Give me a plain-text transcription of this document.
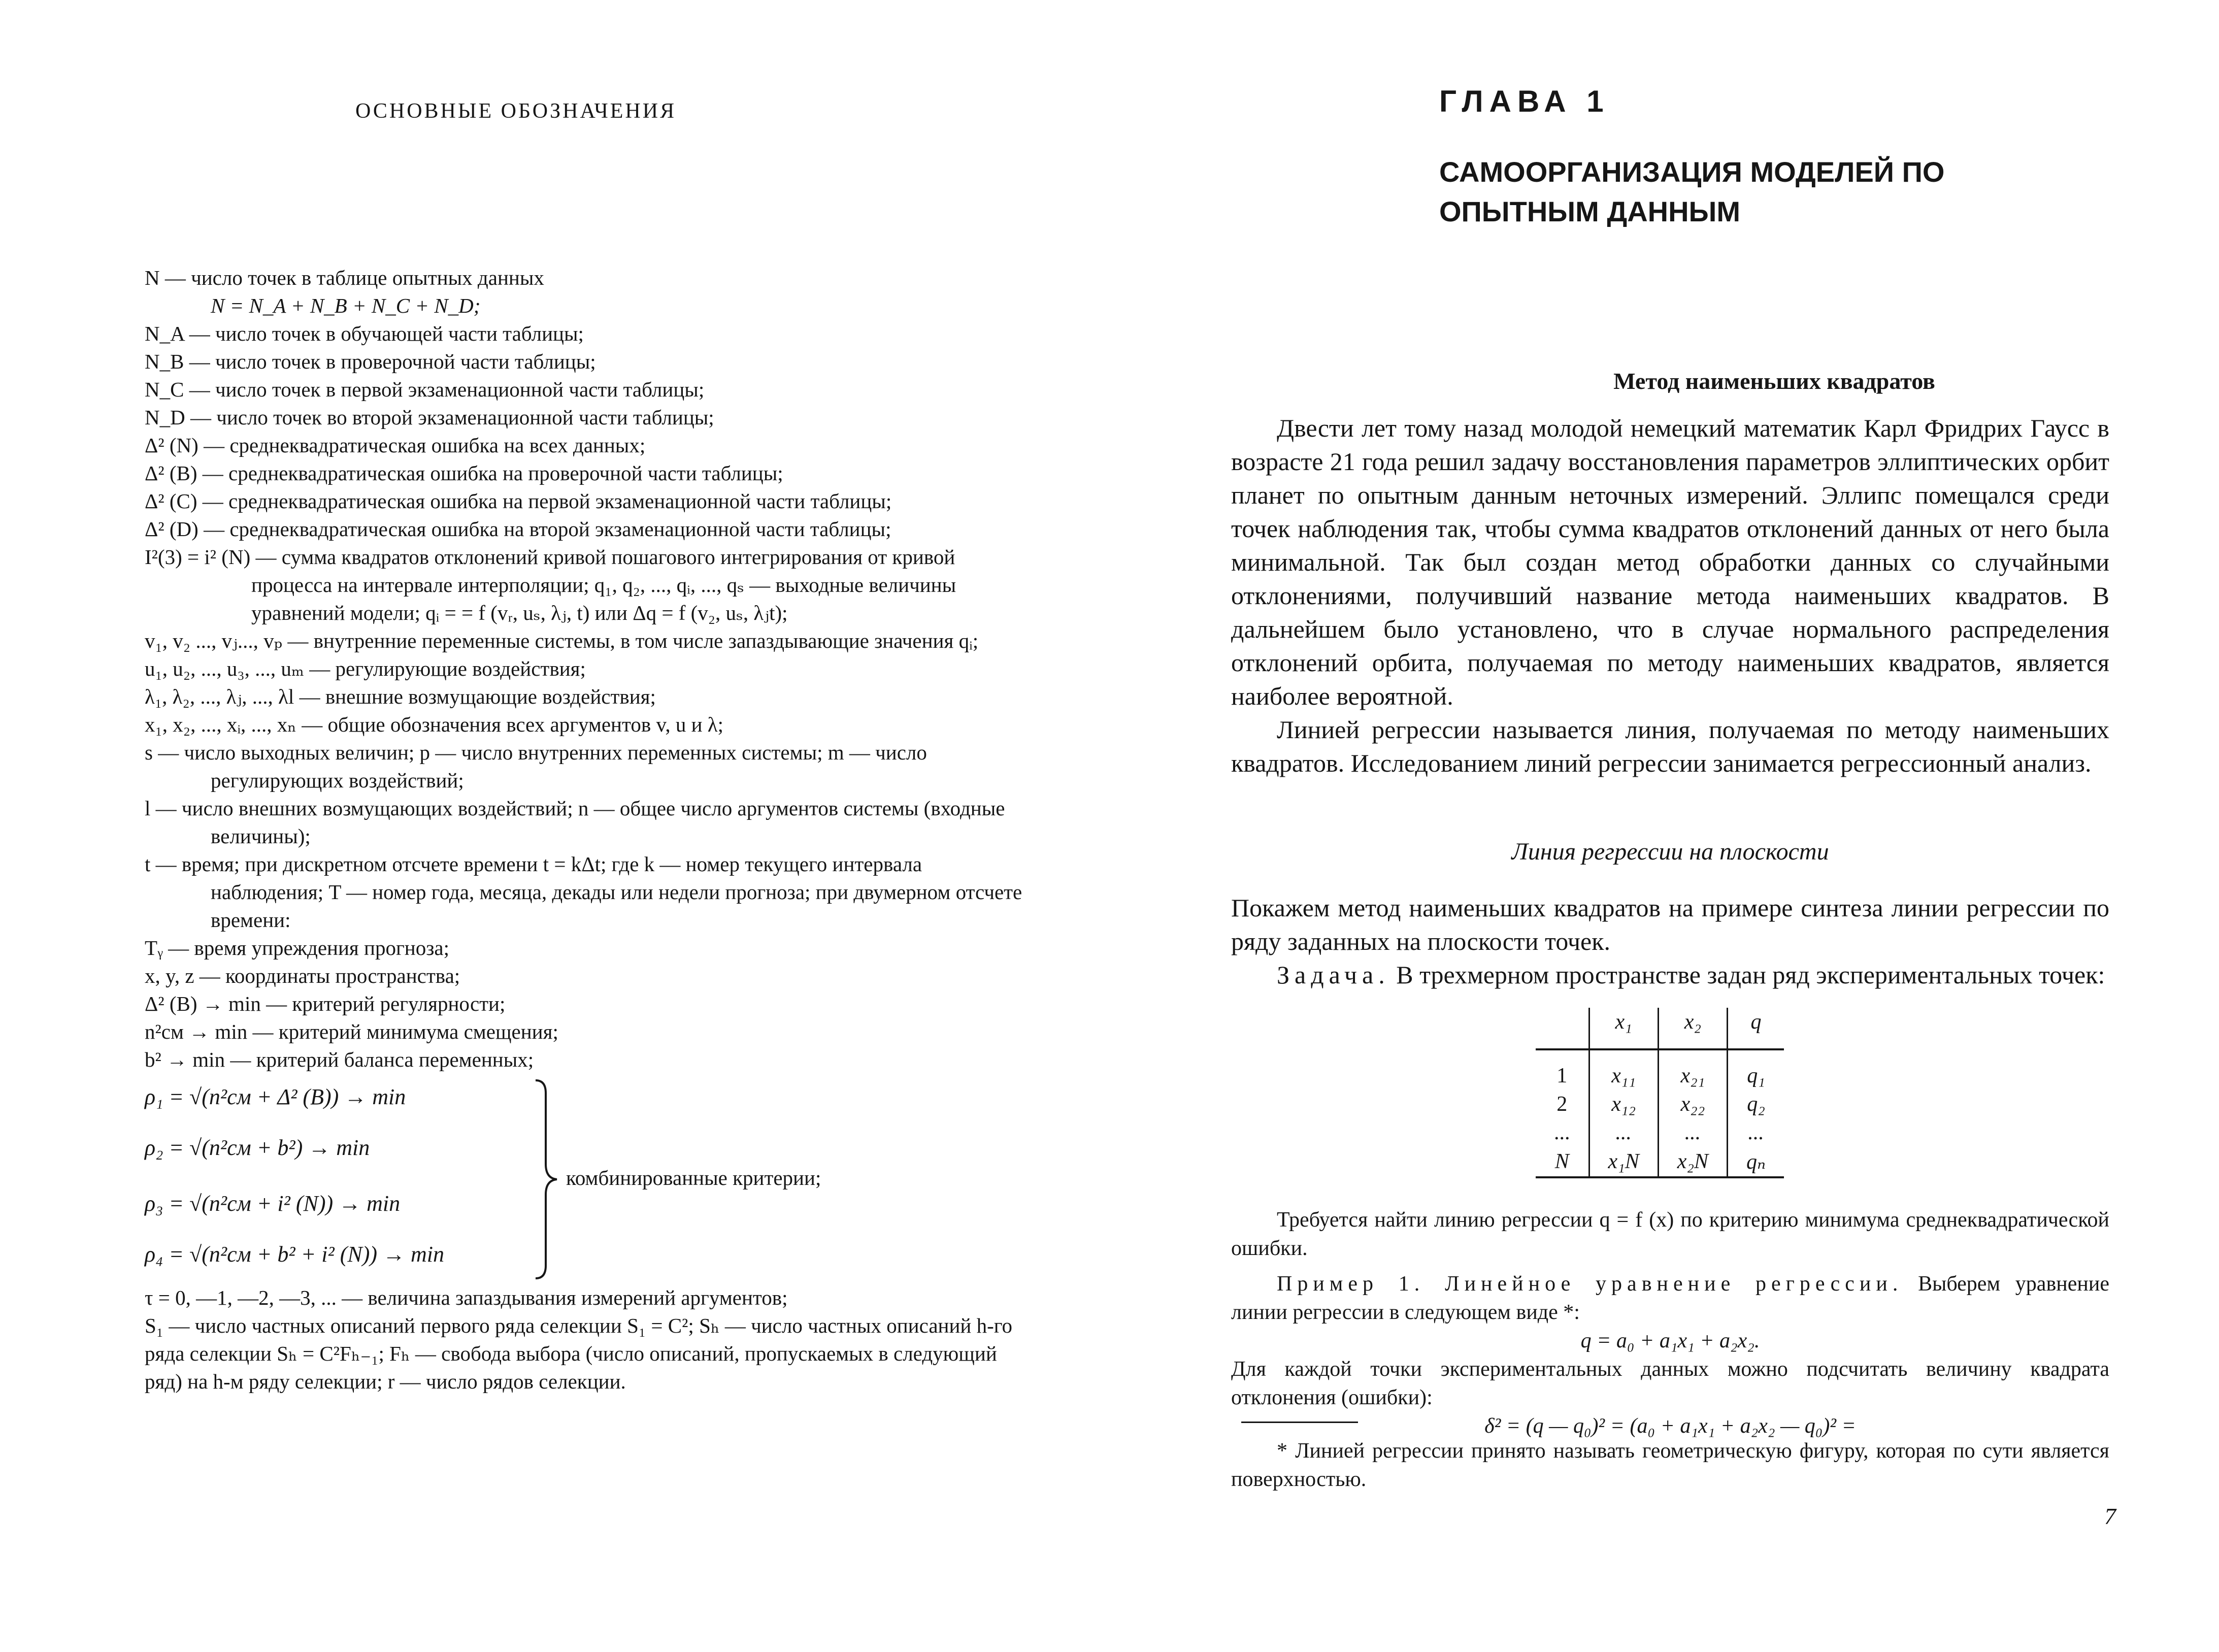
ОСНОВНЫЕ ОБОЗНАЧЕНИЯ

N — число точек в таблице опытных данных

N = N_A + N_B + N_C + N_D;

N_A — число точек в обучающей части таблицы;

N_B — число точек в проверочной части таблицы;

N_C — число точек в первой экзаменационной части таблицы;

N_D — число точек во второй экзаменационной части таблицы;

Δ² (N) — среднеквадратическая ошибка на всех данных;

Δ² (B) — среднеквадратическая ошибка на проверочной части таблицы;

Δ² (C) — среднеквадратическая ошибка на первой экзаменационной части таблицы;

Δ² (D) — среднеквадратическая ошибка на второй экзаменационной части таблицы;

I²(3) = i² (N) — сумма квадратов отклонений кривой пошагового интегрирования от кривой процесса на интервале интерполяции; q₁, q₂, ..., qᵢ, ..., qₛ — выходные величины уравнений модели; qᵢ = = f (vᵣ, uₛ, λⱼ, t) или Δq = f (v₂, uₛ, λⱼt);

v₁, v₂ ..., vⱼ..., vₚ — внутренние переменные системы, в том числе запаздывающие значения qᵢ;

u₁, u₂, ..., u₃, ..., uₘ — регулирующие воздействия;

λ₁, λ₂, ..., λⱼ, ..., λl — внешние возмущающие воздействия;

x₁, x₂, ..., xᵢ, ..., xₙ — общие обозначения всех аргументов v, u и λ;

s — число выходных величин; p — число внутренних переменных системы; m — число регулирующих воздействий;

l — число внешних возмущающих воздействий; n — общее число аргументов системы (входные величины);

t — время; при дискретном отсчете времени t = kΔt; где k — номер текущего интервала наблюдения; T — номер года, месяца, декады или недели прогноза; при двумерном отсчете времени:

Tᵧ — время упреждения прогноза;

x, y, z — координаты пространства;

Δ² (B) → min — критерий регулярности;

n²см → min — критерий минимума смещения;

b² → min — критерий баланса переменных;

ρ₁ = √(n²см + Δ² (B)) → min
ρ₂ = √(n²см + b²) → min
ρ₃ = √(n²см + i² (N)) → min
ρ₄ = √(n²см + b² + i² (N)) → min
комбинированные критерии;

τ = 0, —1, —2, —3, ... — величина запаздывания измерений аргументов;

S₁ — число частных описаний первого ряда селекции S₁ = C²; Sₕ — число частных описаний h-го ряда селекции Sₕ = C²Fₕ₋₁; Fₕ — свобода выбора (число описаний, пропускаемых в следующий ряд) на h-м ряду селекции; r — число рядов селекции.

ГЛАВА 1
САМООРГАНИЗАЦИЯ МОДЕЛЕЙ ПО ОПЫТНЫМ ДАННЫМ
Метод наименьших квадратов

Двести лет тому назад молодой немецкий математик Карл Фридрих Гаусс в возрасте 21 года решил задачу восстановления параметров эллиптических орбит планет по опытным данным неточных измерений. Эллипс помещался среди точек наблюдения так, чтобы сумма квадратов отклонений данных от него была минимальной. Так был создан метод обработки данных со случайными отклонениями, получивший название метода наименьших квадратов. В дальнейшем было установлено, что в случае нормального распределения отклонений орбита, получаемая по методу наименьших квадратов, является наиболее вероятной.

Линией регрессии называется линия, получаемая по методу наименьших квадратов. Исследованием линий регрессии занимается регрессионный анализ.

Линия регрессии на плоскости

Покажем метод наименьших квадратов на примере синтеза линии регрессии по ряду заданных на плоскости точек.

Задача. В трехмерном пространстве задан ряд экспериментальных точек:

	x₁	x₂	q
1	x₁₁	x₂₁	q₁
2	x₁₂	x₂₂	q₂
...	...	...	...
N	x₁N	x₂N	qₙ

Требуется найти линию регрессии q = f (x) по критерию минимума среднеквадратической ошибки.

Пример 1. Линейное уравнение регрессии. Выберем уравнение линии регрессии в следующем виде *:

q = a₀ + a₁x₁ + a₂x₂.

Для каждой точки экспериментальных данных можно подсчитать величину квадрата отклонения (ошибки):

δ² = (q — q₀)² = (a₀ + a₁x₁ + a₂x₂ — q₀)² =

* Линией регрессии принято называть геометрическую фигуру, которая по сути является поверхностью.

7
